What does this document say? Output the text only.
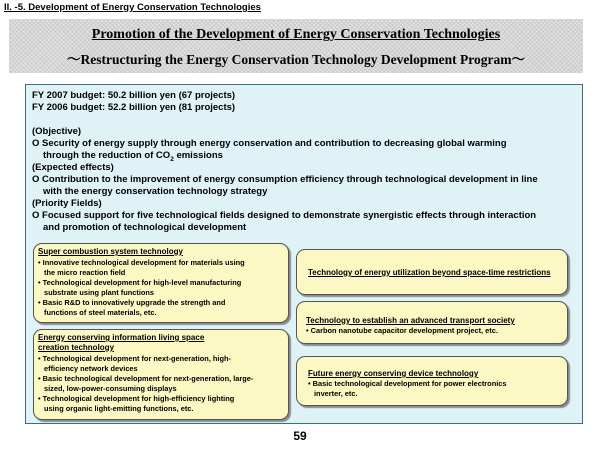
II. -5. Development of Energy Conservation Technologies
Promotion of the Development of Energy Conservation Technologies
～Restructuring the Energy Conservation Technology Development Program～
FY 2007 budget: 50.2 billion yen (67 projects)
FY 2006 budget: 52.2 billion yen (81 projects)
(Objective)
O Security of energy supply through energy conservation and contribution to decreasing global warming
through the reduction of $CO_2$ emissions
(Expected effects)
O Contribution to the improvement of energy consumption efficiency through technological development in line
with the energy conservation technology strategy
(Priority Fields)
O Focused support for five technological fields designed to demonstrate synergistic effects through interaction
and promotion of technological development
Super combustion system technology
• Innovative technological development for materials using
the micro reaction field
• Technological development for high-level manufacturing
substrate using plant functions
• Basic R&D to innovatively upgrade the strength and
functions of steel materials, etc.
Energy conserving information living space
creation technology
• Technological development for next-generation, high-
efficiency network devices
• Basic technological development for next-generation, large-
sized, low-power-consuming displays
• Technological development for high-efficiency lighting
using organic light-emitting functions, etc.
Technology of energy utilization beyond space-time restrictions
Technology to establish an advanced transport society
• Carbon nanotube capacitor development project, etc.
Future energy conserving device technology
• Basic technological development for power electronics
inverter, etc.
59
